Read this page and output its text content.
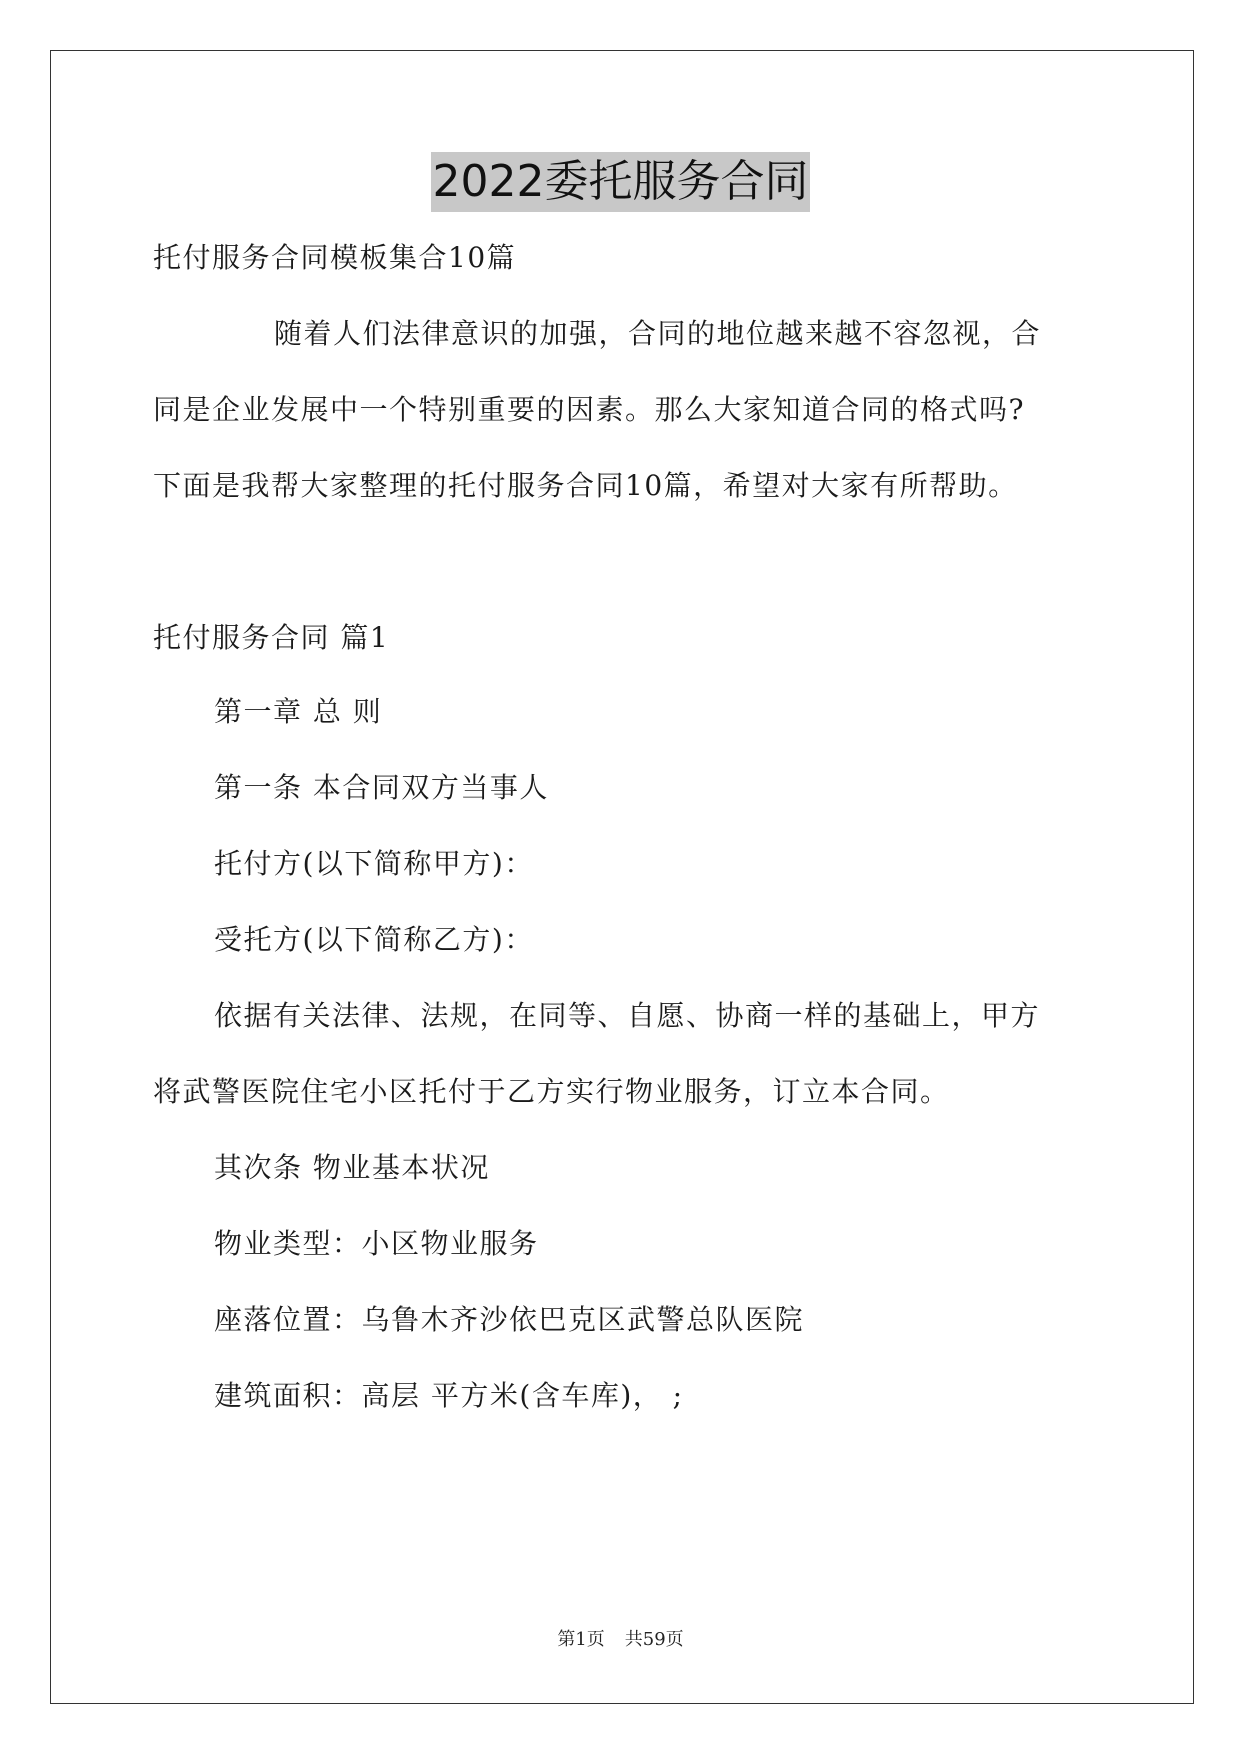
2022委托服务合同
托付服务合同模板集合10篇
随着人们法律意识的加强，合同的地位越来越不容忽视，合
同是企业发展中一个特别重要的因素。那么大家知道合同的格式吗?
下面是我帮大家整理的托付服务合同10篇，希望对大家有所帮助。
托付服务合同 篇1
第一章 总 则
第一条 本合同双方当事人
托付方(以下简称甲方)：
受托方(以下简称乙方)：
依据有关法律、法规，在同等、自愿、协商一样的基础上，甲方
将武警医院住宅小区托付于乙方实行物业服务，订立本合同。
其次条 物业基本状况
物业类型：小区物业服务
座落位置：乌鲁木齐沙依巴克区武警总队医院
建筑面积：高层 平方米(含车库)， ;
第1页 共59页
